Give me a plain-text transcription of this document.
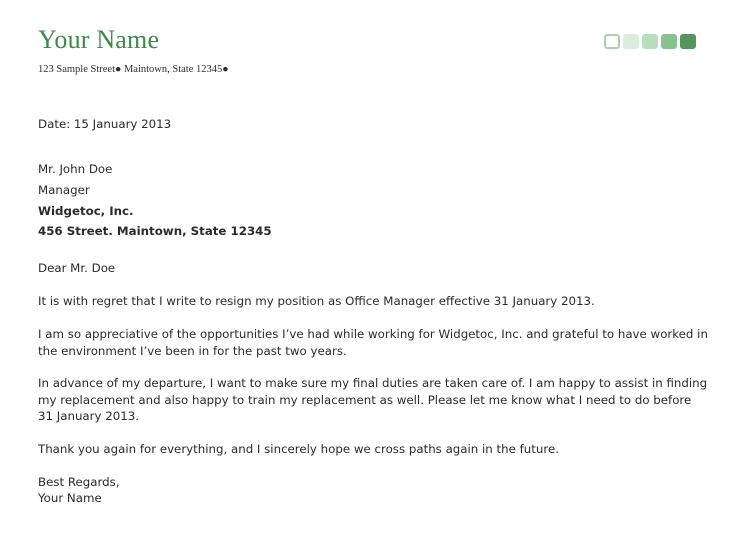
Your Name
123 Sample Street● Maintown, State 12345●
Date: 15 January 2013
Mr. John Doe
Manager
Widgetoc, Inc.
456 Street. Maintown, State 12345
Dear Mr. Doe
It is with regret that I write to resign my position as Office Manager effective 31 January 2013.
I am so appreciative of the opportunities I’ve had while working for Widgetoc, Inc. and grateful to have worked in the environment I’ve been in for the past two years.
In advance of my departure, I want to make sure my final duties are taken care of. I am happy to assist in finding my replacement and also happy to train my replacement as well. Please let me know what I need to do before 31 January 2013.
Thank you again for everything, and I sincerely hope we cross paths again in the future.
Best Regards,
Your Name
